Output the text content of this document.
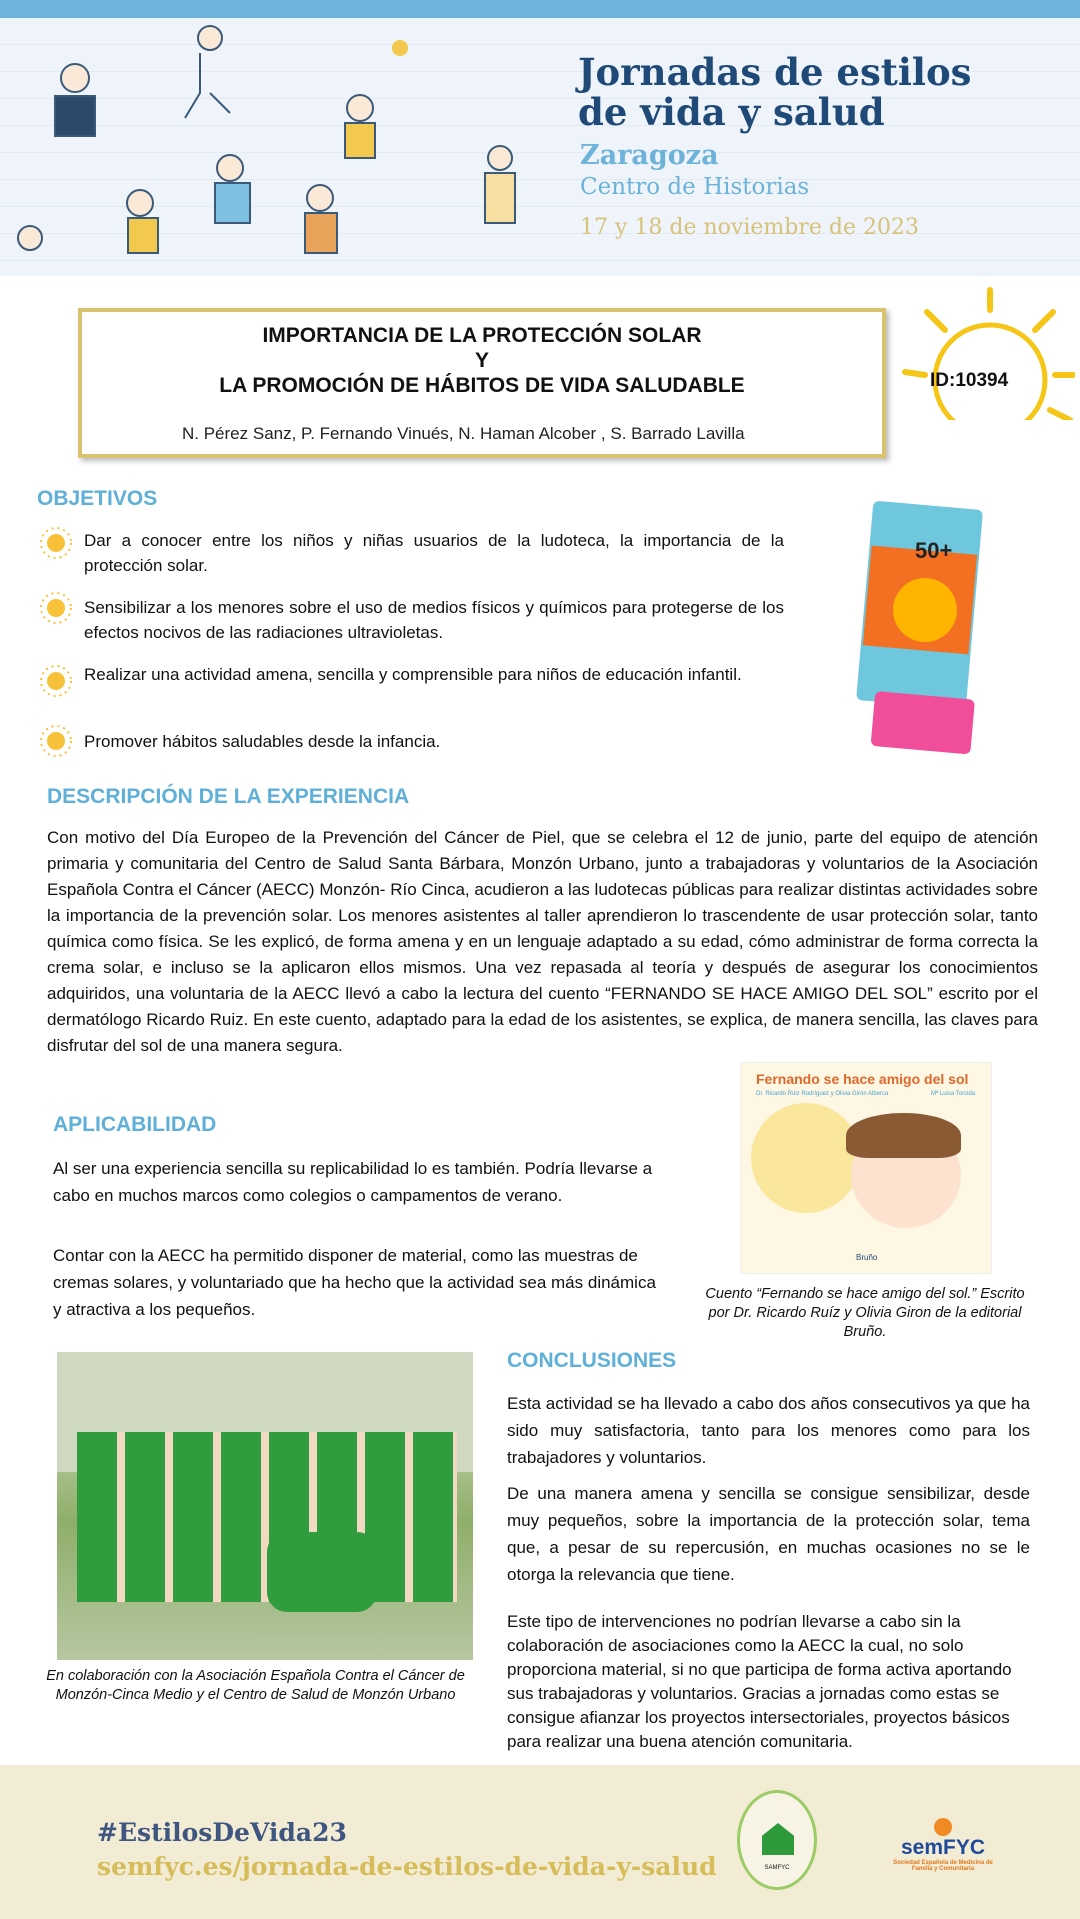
Jornadas de estilos
de vida y salud
Zaragoza
Centro de Historias
17 y 18 de noviembre de 2023
IMPORTANCIA DE LA PROTECCIÓN SOLAR
Y
LA PROMOCIÓN DE HÁBITOS DE VIDA SALUDABLE
N. Pérez Sanz, P. Fernando Vinués, N. Haman Alcober , S. Barrado Lavilla
ID:10394
OBJETIVOS
Dar a conocer entre los niños y niñas usuarios de la ludoteca, la importancia de la protección solar.
Sensibilizar a los menores sobre el uso de medios físicos y químicos para protegerse de los efectos nocivos de las radiaciones ultravioletas.
Realizar una actividad amena, sencilla y comprensible para niños de educación infantil.
Promover hábitos saludables desde la infancia.
50+
DESCRIPCIÓN DE LA EXPERIENCIA
Con motivo del Día Europeo de la Prevención del Cáncer de Piel, que se celebra el 12 de junio, parte del equipo de atención primaria y comunitaria del Centro de Salud Santa Bárbara, Monzón Urbano, junto a trabajadoras y voluntarios de la Asociación Española Contra el Cáncer (AECC) Monzón- Río Cinca, acudieron a las ludotecas públicas para realizar distintas actividades sobre la importancia de la prevención solar. Los menores asistentes al taller aprendieron lo trascendente de usar protección solar, tanto química como física. Se les explicó, de forma amena y en un lenguaje adaptado a su edad, cómo administrar de forma correcta la crema solar, e incluso se la aplicaron ellos mismos. Una vez repasada al teoría y después de asegurar los conocimientos adquiridos, una voluntaria de la AECC llevó a cabo la lectura del cuento “FERNANDO SE HACE AMIGO DEL SOL” escrito por el dermatólogo Ricardo Ruiz. En este cuento, adaptado para la edad de los asistentes, se explica, de manera sencilla, las claves para disfrutar del sol de una manera segura.
APLICABILIDAD
Al ser una experiencia sencilla su replicabilidad lo es también. Podría llevarse a cabo en muchos marcos como colegios o campamentos de verano.
Contar con la AECC ha permitido disponer de material, como las muestras de cremas solares, y voluntariado que ha hecho que la actividad sea más dinámica y atractiva a los pequeños.
Fernando se hace amigo del sol
Dr. Ricardo Ruiz Rodríguez y Olivia Girón Alberca	Mª Luisa Torcida
Bruño
Cuento “Fernando se hace amigo del sol.” Escrito por Dr. Ricardo Ruíz y Olivia Giron de la editorial Bruño.
En colaboración con la Asociación Española Contra el Cáncer de Monzón-Cinca Medio y el Centro de Salud de Monzón Urbano
CONCLUSIONES
Esta actividad se ha llevado a cabo dos años consecutivos ya que ha sido muy satisfactoria, tanto para los menores como para los trabajadores y voluntarios.
De una manera amena y sencilla se consigue sensibilizar, desde muy pequeños, sobre la importancia de la protección solar, tema que, a pesar de su repercusión, en muchas ocasiones no se le otorga la relevancia que tiene.
Este tipo de intervenciones no podrían llevarse a cabo sin la colaboración de asociaciones como la AECC la cual, no solo proporciona material, si no que participa de forma activa aportando sus trabajadoras y voluntarios. Gracias a jornadas como estas se consigue afianzar los proyectos intersectoriales, proyectos básicos para realizar una buena atención comunitaria.
#EstilosDeVida23
semfyc.es/jornada-de-estilos-de-vida-y-salud	SAMFYC
semFYC
Sociedad Española de Medicina de Familia y Comunitaria
